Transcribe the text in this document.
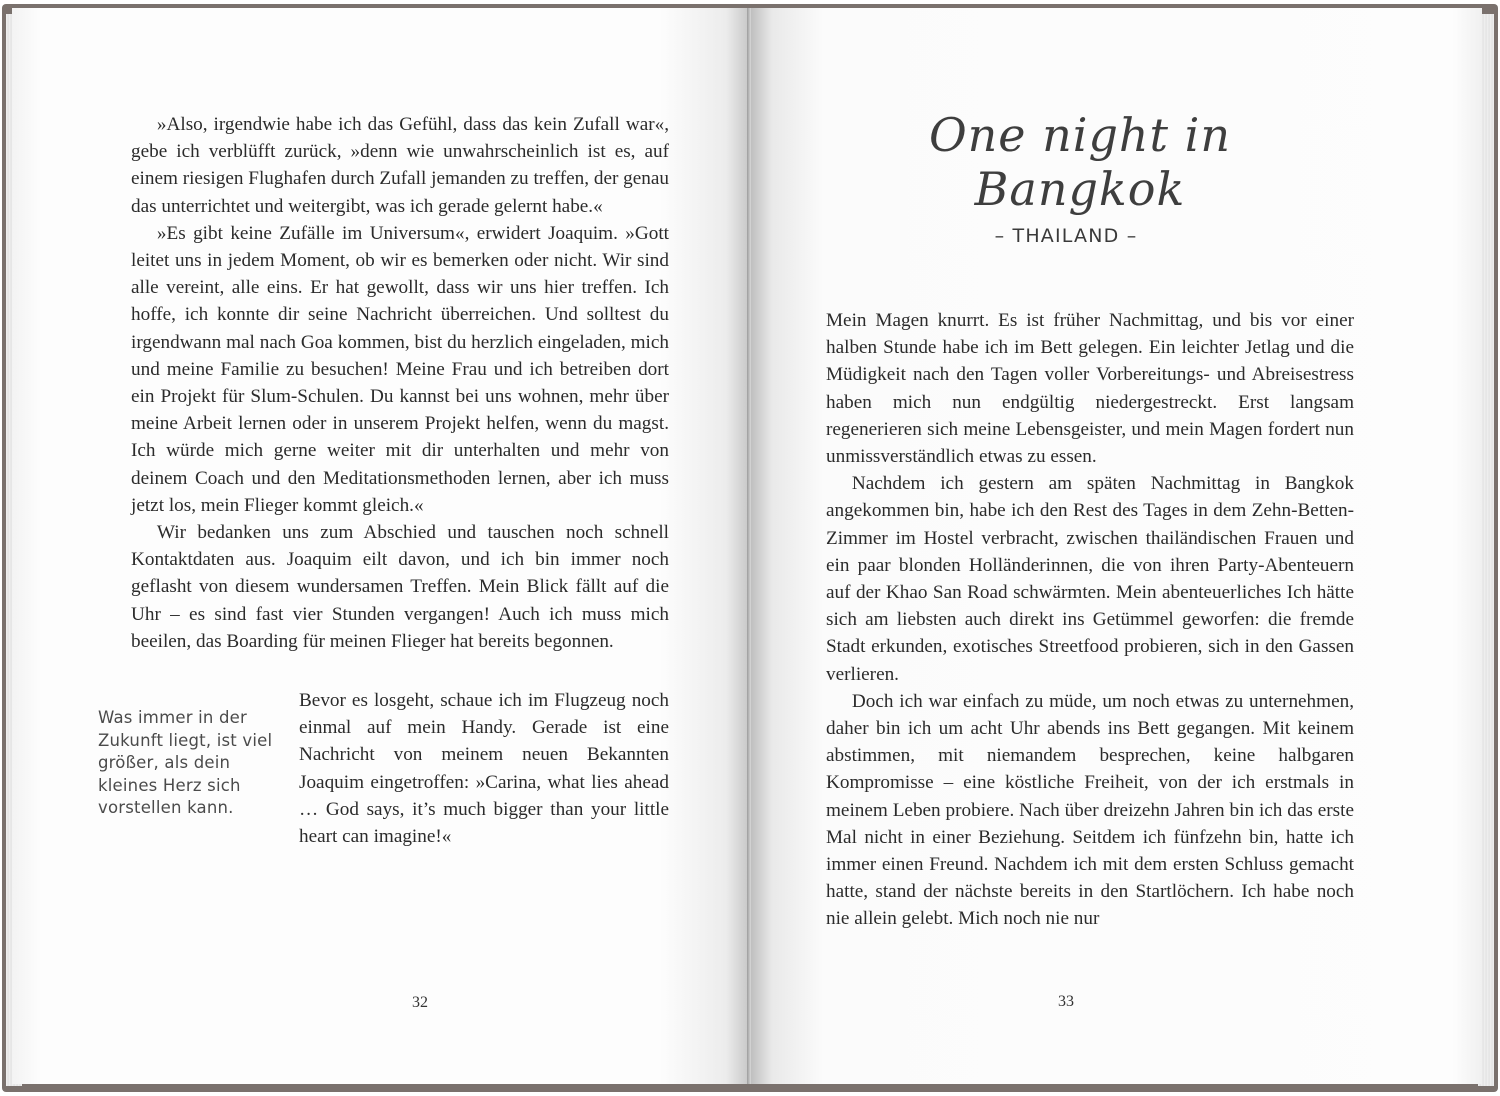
»Also, irgendwie habe ich das Gefühl, dass das kein Zufall war«, gebe ich verblüfft zurück, »denn wie unwahrscheinlich ist es, auf einem riesigen Flughafen durch Zufall jemanden zu treffen, der genau das unterrichtet und weitergibt, was ich gerade gelernt habe.«

»Es gibt keine Zufälle im Universum«, erwidert Joaquim. »Gott leitet uns in jedem Moment, ob wir es bemerken oder nicht. Wir sind alle vereint, alle eins. Er hat gewollt, dass wir uns hier treffen. Ich hoffe, ich konnte dir seine Nachricht überreichen. Und solltest du irgendwann mal nach Goa kommen, bist du herzlich eingeladen, mich und meine Familie zu besuchen! Meine Frau und ich betreiben dort ein Projekt für Slum-Schulen. Du kannst bei uns wohnen, mehr über meine Arbeit lernen oder in unserem Projekt helfen, wenn du magst. Ich würde mich gerne weiter mit dir unterhalten und mehr von deinem Coach und den Meditationsmethoden lernen, aber ich muss jetzt los, mein Flieger kommt gleich.«

Wir bedanken uns zum Abschied und tauschen noch schnell Kontaktdaten aus. Joaquim eilt davon, und ich bin immer noch geflasht von diesem wundersamen Treffen. Mein Blick fällt auf die Uhr – es sind fast vier Stunden vergangen! Auch ich muss mich beeilen, das Boarding für meinen Flieger hat bereits begonnen.

Bevor es losgeht, schaue ich im Flugzeug noch einmal auf mein Handy. Gerade ist eine Nachricht von meinem neuen Bekannten Joaquim eingetroffen: »Carina, what lies ahead … God says, it’s much bigger than your little heart can imagine!«

Was immer in der Zukunft liegt, ist viel größer, als dein kleines Herz sich vorstellen kann.
32
One night in Bangkok
– THAILAND –

Mein Magen knurrt. Es ist früher Nachmittag, und bis vor einer halben Stunde habe ich im Bett gelegen. Ein leichter Jetlag und die Müdigkeit nach den Tagen voller Vorbereitungs- und Abreisestress haben mich nun endgültig niedergestreckt. Erst langsam regenerieren sich meine Lebensgeister, und mein Magen fordert nun unmissverständlich etwas zu essen.

Nachdem ich gestern am späten Nachmittag in Bangkok angekommen bin, habe ich den Rest des Tages in dem Zehn-Betten-Zimmer im Hostel verbracht, zwischen thailändischen Frauen und ein paar blonden Holländerinnen, die von ihren Party-Abenteuern auf der Khao San Road schwärmten. Mein abenteuerliches Ich hätte sich am liebsten auch direkt ins Getümmel geworfen: die fremde Stadt erkunden, exotisches Streetfood probieren, sich in den Gassen verlieren.

Doch ich war einfach zu müde, um noch etwas zu unternehmen, daher bin ich um acht Uhr abends ins Bett gegangen. Mit keinem abstimmen, mit niemandem besprechen, keine halbgaren Kompromisse – eine köstliche Freiheit, von der ich erstmals in meinem Leben probiere. Nach über dreizehn Jahren bin ich das erste Mal nicht in einer Beziehung. Seitdem ich fünfzehn bin, hatte ich immer einen Freund. Nachdem ich mit dem ersten Schluss gemacht hatte, stand der nächste bereits in den Startlöchern. Ich habe noch nie allein gelebt. Mich noch nie nur

33
